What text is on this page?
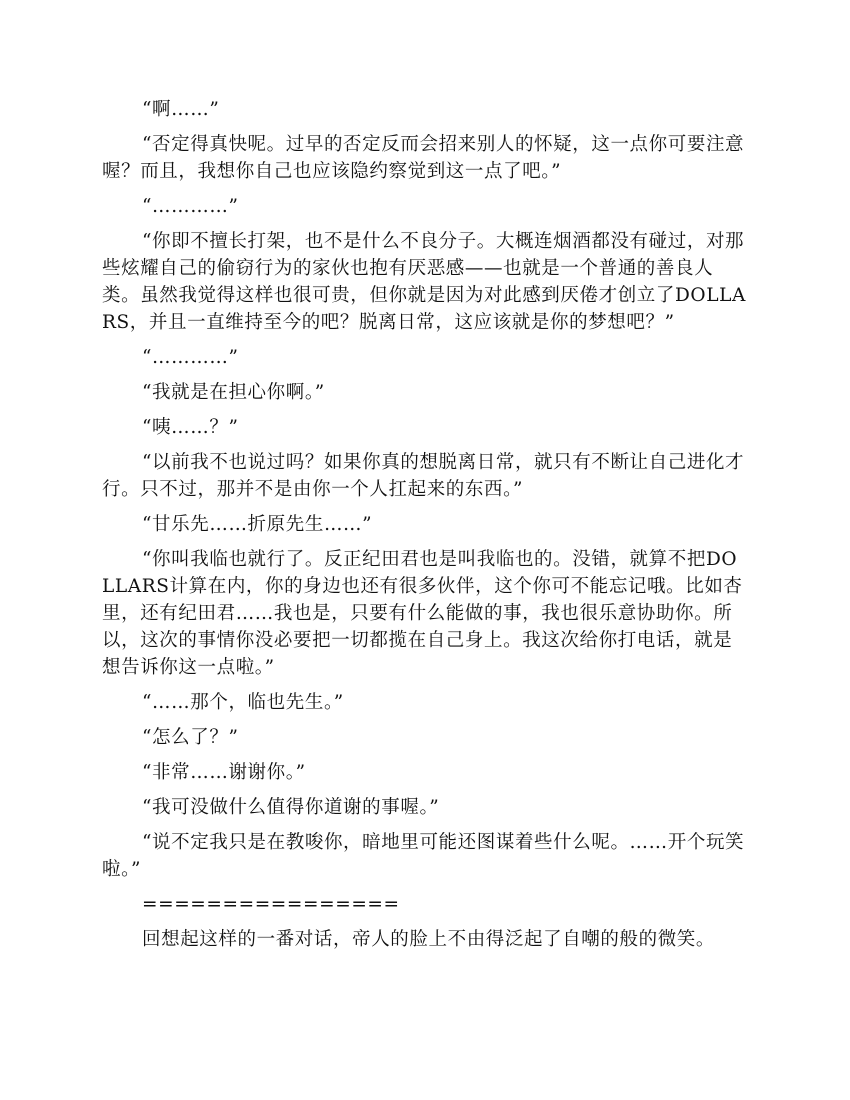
“啊……”

“否定得真快呢。过早的否定反而会招来别人的怀疑，这一点你可要注意喔？而且，我想你自己也应该隐约察觉到这一点了吧。”

“…………”

“你即不擅长打架，也不是什么不良分子。大概连烟酒都没有碰过，对那些炫耀自己的偷窃行为的家伙也抱有厌恶感——也就是一个普通的善良人类。虽然我觉得这样也很可贵，但你就是因为对此感到厌倦才创立了DOLLARS，并且一直维持至今的吧？脱离日常，这应该就是你的梦想吧？”

“…………”

“我就是在担心你啊。”

“咦……？”

“以前我不也说过吗？如果你真的想脱离日常，就只有不断让自己进化才行。只不过，那并不是由你一个人扛起来的东西。”

“甘乐先……折原先生……”

“你叫我临也就行了。反正纪田君也是叫我临也的。没错，就算不把DOLLARS计算在内，你的身边也还有很多伙伴，这个你可不能忘记哦。比如杏里，还有纪田君……我也是，只要有什么能做的事，我也很乐意协助你。所以，这次的事情你没必要把一切都揽在自己身上。我这次给你打电话，就是想告诉你这一点啦。”

“……那个，临也先生。”

“怎么了？”

“非常……谢谢你。”

“我可没做什么值得你道谢的事喔。”

“说不定我只是在教唆你，暗地里可能还图谋着些什么呢。……开个玩笑啦。”

================

回想起这样的一番对话，帝人的脸上不由得泛起了自嘲的般的微笑。
